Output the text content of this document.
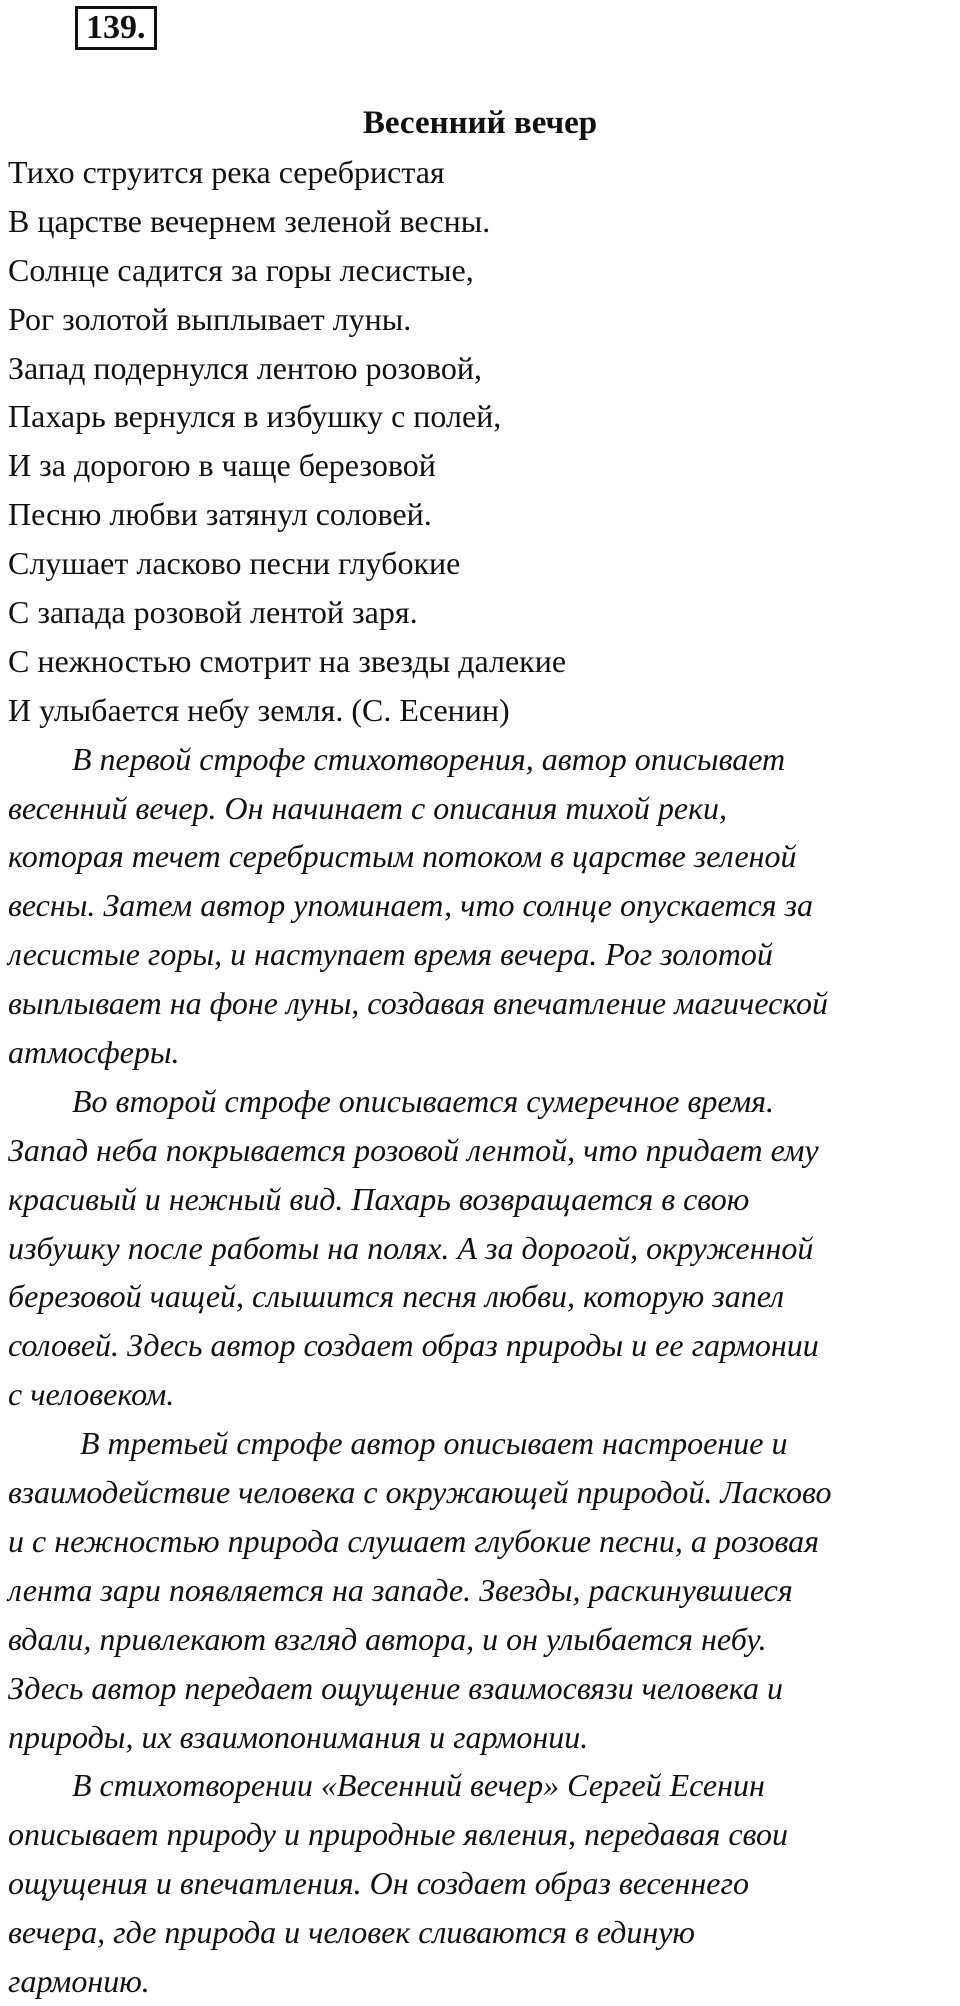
139.
Весенний вечер
Тихо струится река серебристая
В царстве вечернем зеленой весны.
Солнце садится за горы лесистые,
Рог золотой выплывает луны.
Запад подернулся лентою розовой,
Пахарь вернулся в избушку с полей,
И за дорогою в чаще березовой
Песню любви затянул соловей.
Слушает ласково песни глубокие
С запада розовой лентой заря.
С нежностью смотрит на звезды далекие
И улыбается небу земля. (С. Есенин)
В первой строфе стихотворения, автор описывает
весенний вечер. Он начинает с описания тихой реки,
которая течет серебристым потоком в царстве зеленой
весны. Затем автор упоминает, что солнце опускается за
лесистые горы, и наступает время вечера. Рог золотой
выплывает на фоне луны, создавая впечатление магической
атмосферы.
Во второй строфе описывается сумеречное время.
Запад неба покрывается розовой лентой, что придает ему
красивый и нежный вид. Пахарь возвращается в свою
избушку после работы на полях. А за дорогой, окруженной
березовой чащей, слышится песня любви, которую запел
соловей. Здесь автор создает образ природы и ее гармонии
с человеком.
В третьей строфе автор описывает настроение и
взаимодействие человека с окружающей природой. Ласково
и с нежностью природа слушает глубокие песни, а розовая
лента зари появляется на западе. Звезды, раскинувшиеся
вдали, привлекают взгляд автора, и он улыбается небу.
Здесь автор передает ощущение взаимосвязи человека и
природы, их взаимопонимания и гармонии.
В стихотворении «Весенний вечер» Сергей Есенин
описывает природу и природные явления, передавая свои
ощущения и впечатления. Он создает образ весеннего
вечера, где природа и человек сливаются в единую
гармонию.
